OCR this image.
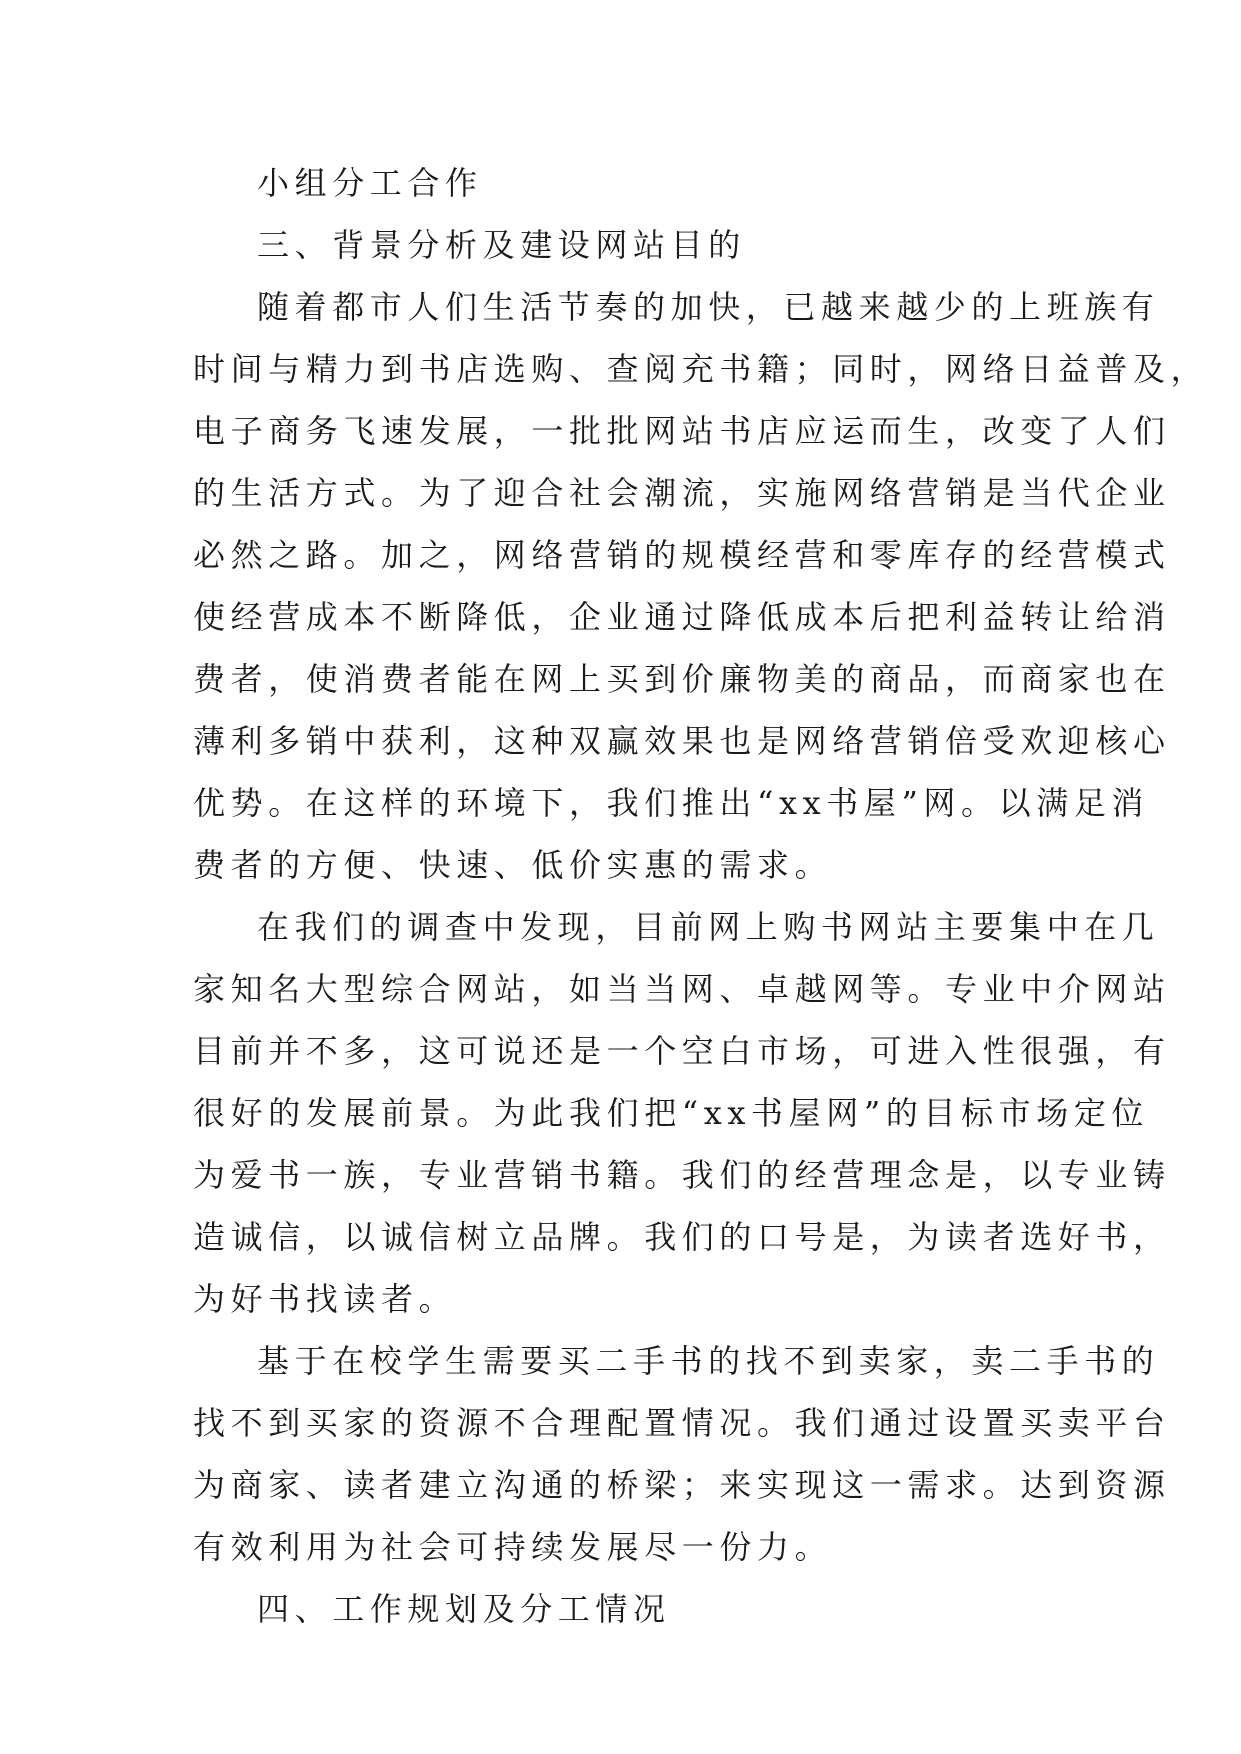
小组分工合作

三、背景分析及建设网站目的

随着都市人们生活节奏的加快，已越来越少的上班族有
时间与精力到书店选购、查阅充书籍；同时，网络日益普及，
电子商务飞速发展，一批批网站书店应运而生，改变了人们
的生活方式。为了迎合社会潮流，实施网络营销是当代企业
必然之路。加之，网络营销的规模经营和零库存的经营模式
使经营成本不断降低，企业通过降低成本后把利益转让给消
费者，使消费者能在网上买到价廉物美的商品，而商家也在
薄利多销中获利，这种双赢效果也是网络营销倍受欢迎核心
优势。在这样的环境下，我们推出“xx书屋”网。以满足消
费者的方便、快速、低价实惠的需求。
在我们的调查中发现，目前网上购书网站主要集中在几
家知名大型综合网站，如当当网、卓越网等。专业中介网站
目前并不多，这可说还是一个空白市场，可进入性很强，有
很好的发展前景。为此我们把“xx书屋网”的目标市场定位
为爱书一族，专业营销书籍。我们的经营理念是，以专业铸
造诚信，以诚信树立品牌。我们的口号是，为读者选好书，
为好书找读者。
基于在校学生需要买二手书的找不到卖家，卖二手书的
找不到买家的资源不合理配置情况。我们通过设置买卖平台
为商家、读者建立沟通的桥梁；来实现这一需求。达到资源
有效利用为社会可持续发展尽一份力。

四、工作规划及分工情况
